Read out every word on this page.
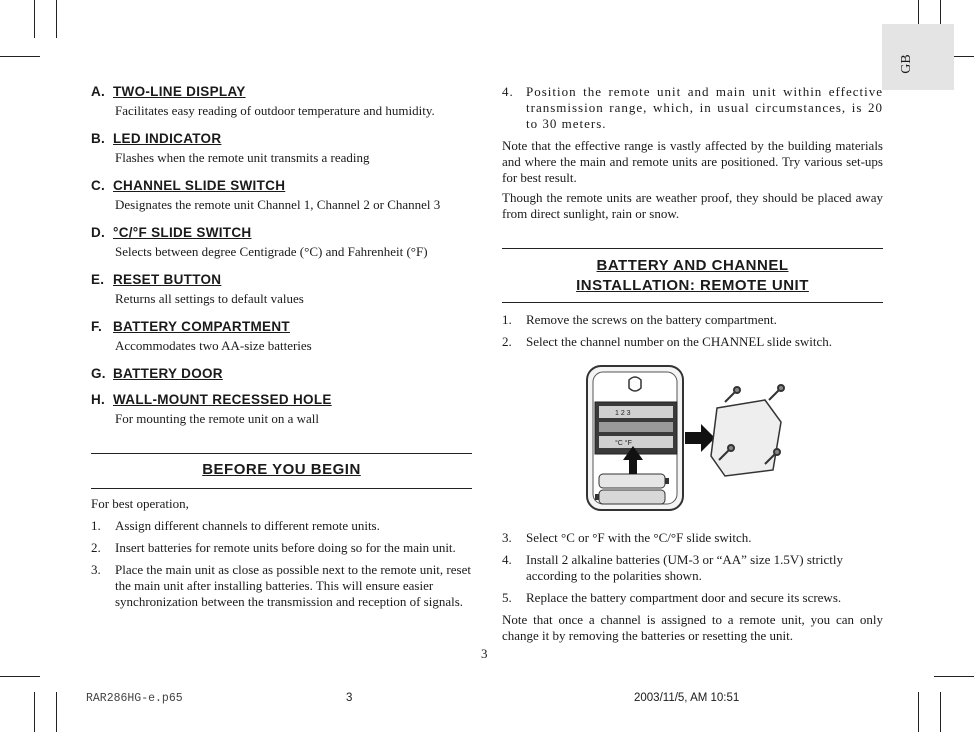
GB
A. TWO-LINE DISPLAY
Facilitates easy reading of outdoor temperature and humidity.
B. LED INDICATOR
Flashes when the remote unit transmits a reading
C. CHANNEL SLIDE SWITCH
Designates the remote unit Channel 1, Channel 2 or Channel 3
D. °C/°F SLIDE SWITCH
Selects between degree Centigrade (°C) and Fahrenheit (°F)
E. RESET BUTTON
Returns all settings to default values
F. BATTERY COMPARTMENT
Accommodates two AA-size batteries
G. BATTERY DOOR
H. WALL-MOUNT RECESSED HOLE
For mounting the remote unit on a wall
BEFORE YOU BEGIN
For best operation,
1. Assign different channels to different remote units.
2. Insert batteries for remote units before doing so for the main unit.
3. Place the main unit as close as possible next to the remote unit, reset the main unit after installing batteries. This will ensure easier synchronization between the transmission and reception of signals.
4. Position the remote unit and main unit within effective transmission range, which, in usual circumstances, is 20 to 30 meters.
Note that the effective range is vastly affected by the building materials and where the main and remote units are positioned. Try various set-ups for best result.
Though the remote units are weather proof, they should be placed away from direct sunlight, rain or snow.
BATTERY AND CHANNEL
INSTALLATION: REMOTE UNIT
1. Remove the screws on the battery compartment.
2. Select the channel number on the CHANNEL slide switch.
1 2 3
°C °F
3. Select °C or °F with the °C/°F slide switch.
4. Install 2 alkaline batteries (UM-3 or “AA” size 1.5V) strictly according to the polarities shown.
5. Replace the battery compartment door and secure its screws.
Note that once a channel is assigned to a remote unit, you can only change it by removing the batteries or resetting the unit.
3
RAR286HG-e.p65	3	2003/11/5, AM 10:51
